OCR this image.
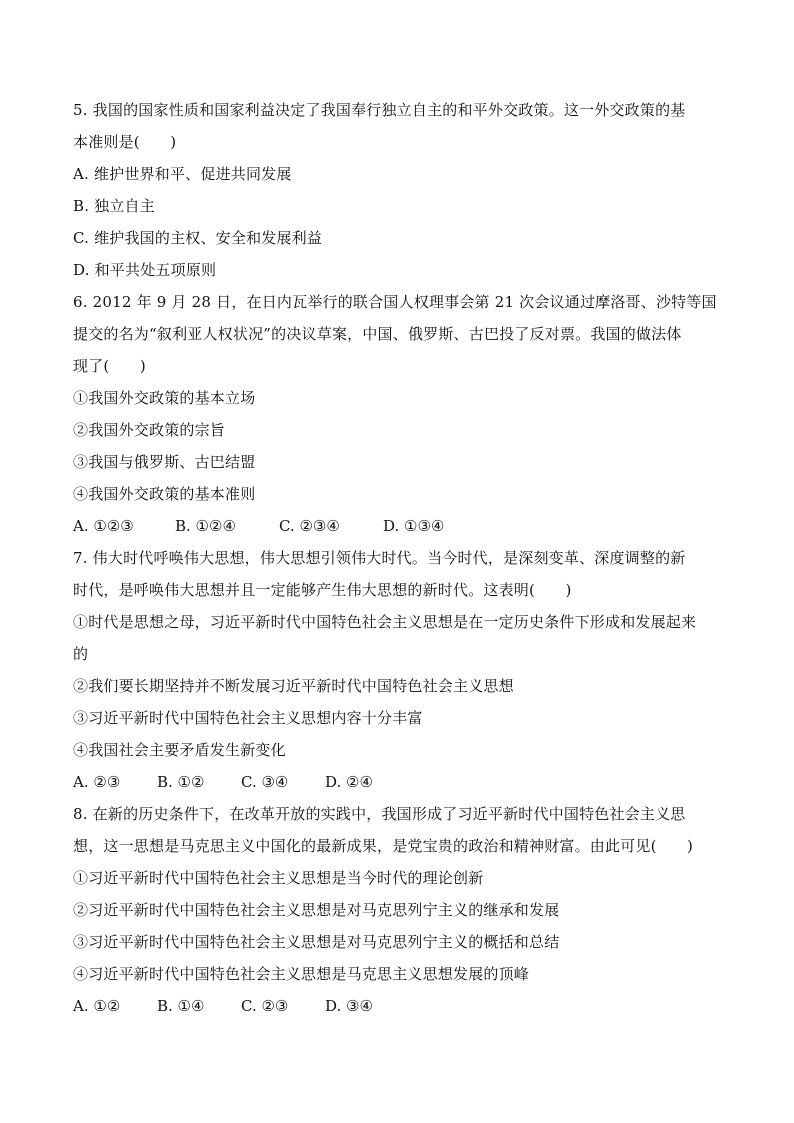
5. 我国的国家性质和国家利益决定了我国奉行独立自主的和平外交政策。这一外交政策的基
本准则是(　　)
A. 维护世界和平、促进共同发展
B. 独立自主
C. 维护我国的主权、安全和发展利益
D. 和平共处五项原则
6. 2012 年 9 月 28 日，在日内瓦举行的联合国人权理事会第 21 次会议通过摩洛哥、沙特等国
提交的名为“叙利亚人权状况”的决议草案，中国、俄罗斯、古巴投了反对票。我国的做法体
现了(　　)
①我国外交政策的基本立场
②我国外交政策的宗旨
③我国与俄罗斯、古巴结盟
④我国外交政策的基本准则
A. ①②③	B. ①②④	C. ②③④	D. ①③④
7. 伟大时代呼唤伟大思想，伟大思想引领伟大时代。当今时代，是深刻变革、深度调整的新
时代，是呼唤伟大思想并且一定能够产生伟大思想的新时代。这表明(　　)
①时代是思想之母，习近平新时代中国特色社会主义思想是在一定历史条件下形成和发展起来
的
②我们要长期坚持并不断发展习近平新时代中国特色社会主义思想
③习近平新时代中国特色社会主义思想内容十分丰富
④我国社会主要矛盾发生新变化
A. ②③ B. ①② C. ③④ D. ②④
8. 在新的历史条件下，在改革开放的实践中，我国形成了习近平新时代中国特色社会主义思
想，这一思想是马克思主义中国化的最新成果，是党宝贵的政治和精神财富。由此可见(　　)
①习近平新时代中国特色社会主义思想是当今时代的理论创新
②习近平新时代中国特色社会主义思想是对马克思列宁主义的继承和发展
③习近平新时代中国特色社会主义思想是对马克思列宁主义的概括和总结
④习近平新时代中国特色社会主义思想是马克思主义思想发展的顶峰
A. ①② B. ①④ C. ②③ D. ③④
